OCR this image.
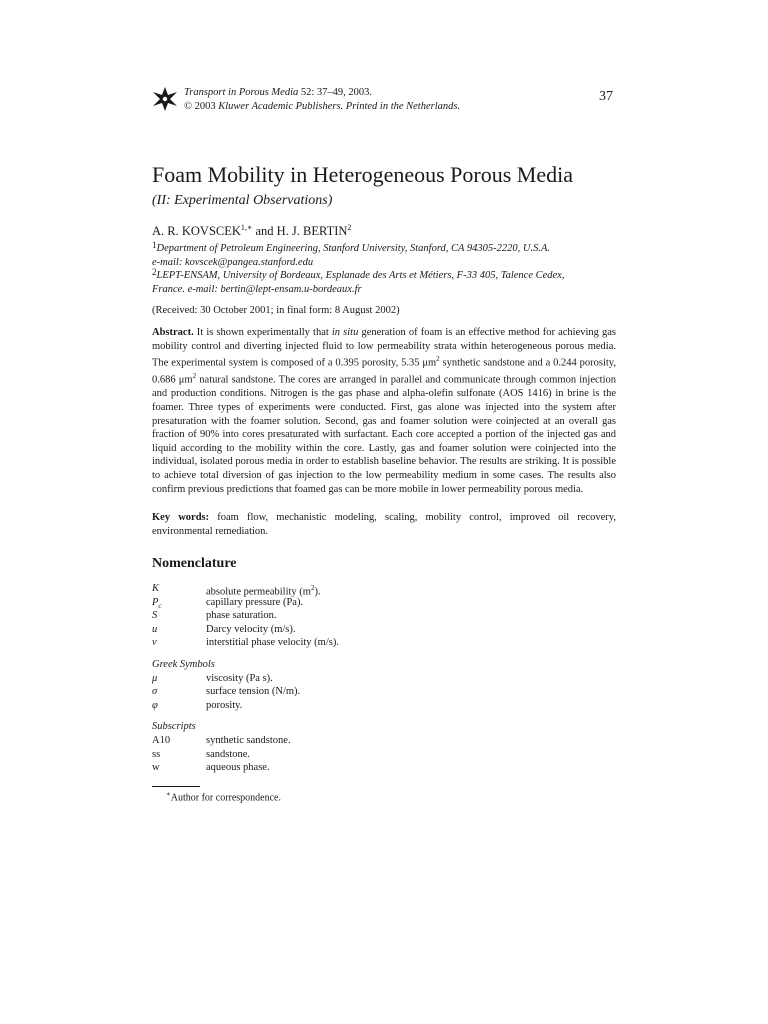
Transport in Porous Media 52: 37–49, 2003.
© 2003 Kluwer Academic Publishers. Printed in the Netherlands.
37
Foam Mobility in Heterogeneous Porous Media
(II: Experimental Observations)
A. R. $KOVSCEK^{1,∗}$ and H. J. BERTIN$^2$
$^1$Department of Petroleum Engineering, Stanford University, Stanford, CA 94305-2220, U.S.A.
e-mail: kovscek@pangea.stanford.edu
$^2$LEPT-ENSAM, University of Bordeaux, Esplanade des Arts et Métiers, F-33 405, Talence Cedex,
France. e-mail: bertin@lept-ensam.u-bordeaux.fr
(Received: 30 October 2001; in final form: 8 August 2002)
Abstract. It is shown experimentally that in situ generation of foam is an effective method for achieving gas mobility control and diverting injected fluid to low permeability strata within heterogeneous porous media. The experimental system is composed of a 0.395 porosity, 5.35 $\mu m^2$ synthetic sandstone and a 0.244 porosity, 0.686 $\mu m^2$ natural sandstone. The cores are arranged in parallel and communicate through common injection and production conditions. Nitrogen is the gas phase and alpha-olefin sulfonate (AOS 1416) in brine is the foamer. Three types of experiments were conducted. First, gas alone was injected into the system after presaturation with the foamer solution. Second, gas and foamer solution were coinjected at an overall gas fraction of 90% into cores presaturated with surfactant. Each core accepted a portion of the injected gas and liquid according to the mobility within the core. Lastly, gas and foamer solution were coinjected into the individual, isolated porous media in order to establish baseline behavior. The results are striking. It is possible to achieve total diversion of gas injection to the low permeability medium in some cases. The results also confirm previous predictions that foamed gas can be more mobile in lower permeability porous media.
Key words: foam flow, mechanistic modeling, scaling, mobility control, improved oil recovery, environmental remediation.
Nomenclature
K	absolute permeability $(m^2)$.
$P_c$	capillary pressure (Pa).
S	phase saturation.
u	Darcy velocity (m/s).
v	interstitial phase velocity (m/s).
Greek Symbols
μ	viscosity (Pa s).
σ	surface tension (N/m).
φ	porosity.
Subscripts
A10	synthetic sandstone.
ss	sandstone.
w	aqueous phase.
∗Author for correspondence.
